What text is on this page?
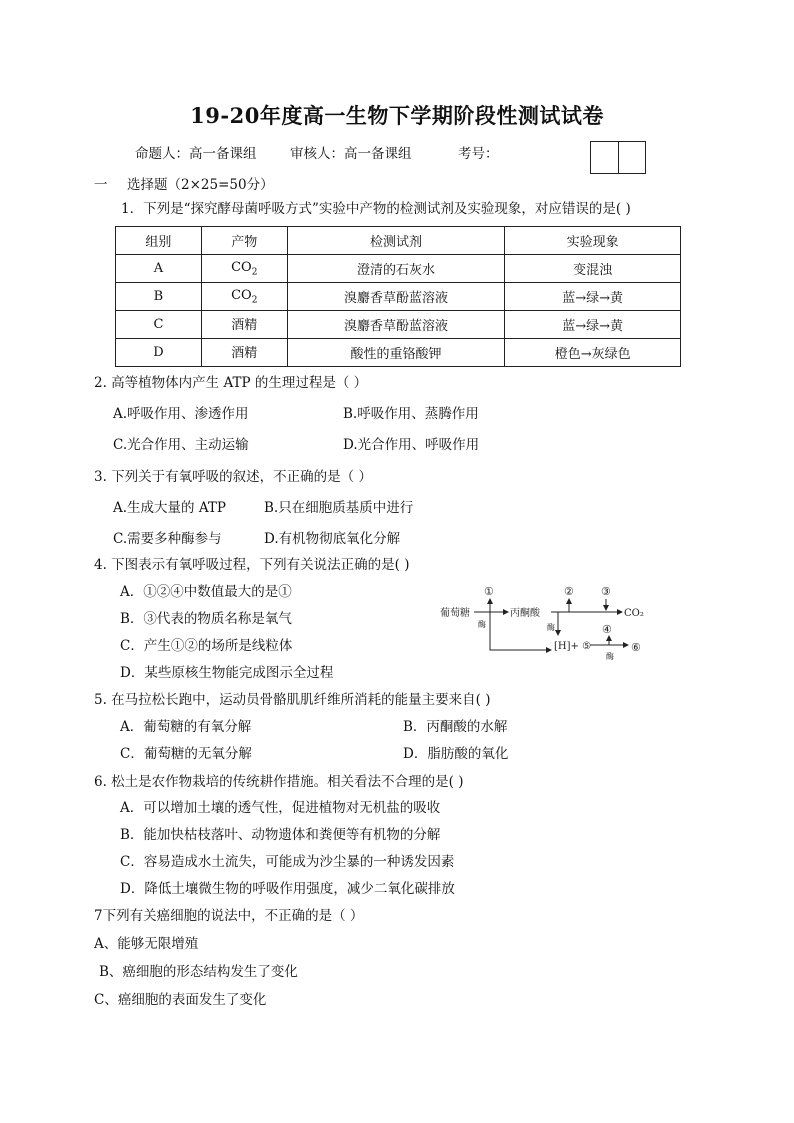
19-20年度高一生物下学期阶段性测试试卷
命题人：高一备课组 审核人：高一备课组	考号：
一 选择题（2×25=50分）
1．下列是“探究酵母菌呼吸方式”实验中产物的检测试剂及实验现象，对应错误的是( )
组别	产物	检测试剂	实验现象
A	$CO_2$	澄清的石灰水	变混浊
B	$CO_2$	溴麝香草酚蓝溶液	蓝→绿→黄
C	酒精	溴麝香草酚蓝溶液	蓝→绿→黄
D	酒精	酸性的重铬酸钾	橙色→灰绿色
2. 高等植物体内产生 ATP 的生理过程是（ ）
A.呼吸作用、渗透作用	B.呼吸作用、蒸腾作用
C.光合作用、主动运输	D.光合作用、呼吸作用
3. 下列关于有氧呼吸的叙述，不正确的是（ ）
A.生成大量的 ATP	B.只在细胞质基质中进行
C.需要多种酶参与	D.有机物彻底氧化分解
4. 下图表示有氧呼吸过程，下列有关说法正确的是( )
A．①②④中数值最大的是①
B．③代表的物质名称是氧气
C．产生①②的场所是线粒体
D．某些原核生物能完成图示全过程
葡萄糖
酶
丙酮酸
酶
CO₂
[H]+ ⑤
酶
①	② ③
④
⑥
5. 在马拉松长跑中，运动员骨骼肌肌纤维所消耗的能量主要来自( )
A．葡萄糖的有氧分解	B．丙酮酸的水解
C．葡萄糖的无氧分解	D．脂肪酸的氧化
6. 松土是农作物栽培的传统耕作措施。相关看法不合理的是( )
A．可以增加土壤的透气性，促进植物对无机盐的吸收
B．能加快枯枝落叶、动物遗体和粪便等有机物的分解
C．容易造成水土流失，可能成为沙尘暴的一种诱发因素
D．降低土壤微生物的呼吸作用强度，减少二氧化碳排放
7下列有关癌细胞的说法中，不正确的是（ ）
A、能够无限增殖
B、癌细胞的形态结构发生了变化
C、癌细胞的表面发生了变化
